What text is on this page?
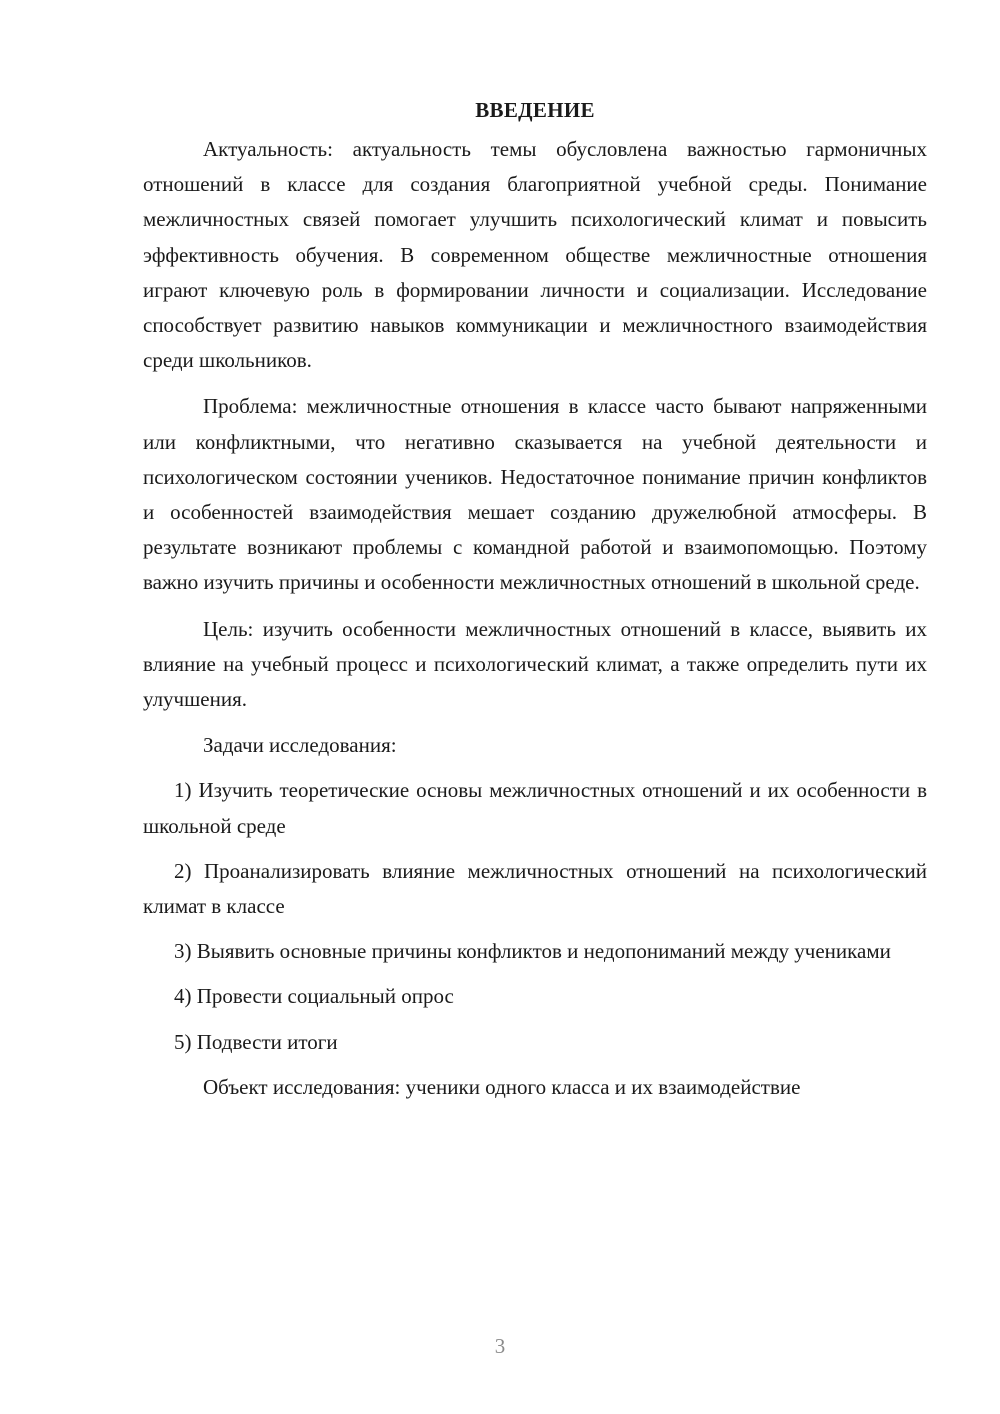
ВВЕДЕНИЕ

Актуальность: актуальность темы обусловлена важностью гармоничных отношений в классе для создания благоприятной учебной среды. Понимание межличностных связей помогает улучшить психологический климат и повысить эффективность обучения. В современном обществе межличностные отношения играют ключевую роль в формировании личности и социализации. Исследование способствует развитию навыков коммуникации и межличностного взаимодействия среди школьников.

Проблема: межличностные отношения в классе часто бывают напряженными или конфликтными, что негативно сказывается на учебной деятельности и психологическом состоянии учеников. Недостаточное понимание причин конфликтов и особенностей взаимодействия мешает созданию дружелюбной атмосферы. В результате возникают проблемы с командной работой и взаимопомощью. Поэтому важно изучить причины и особенности межличностных отношений в школьной среде.

Цель: изучить особенности межличностных отношений в классе, выявить их влияние на учебный процесс и психологический климат, а также определить пути их улучшения.

Задачи исследования:

1) Изучить теоретические основы межличностных отношений и их особенности в школьной среде

2) Проанализировать влияние межличностных отношений на психологический климат в классе

3) Выявить основные причины конфликтов и недопониманий между учениками

4) Провести социальный опрос

5) Подвести итоги

Объект исследования: ученики одного класса и их взаимодействие

3
